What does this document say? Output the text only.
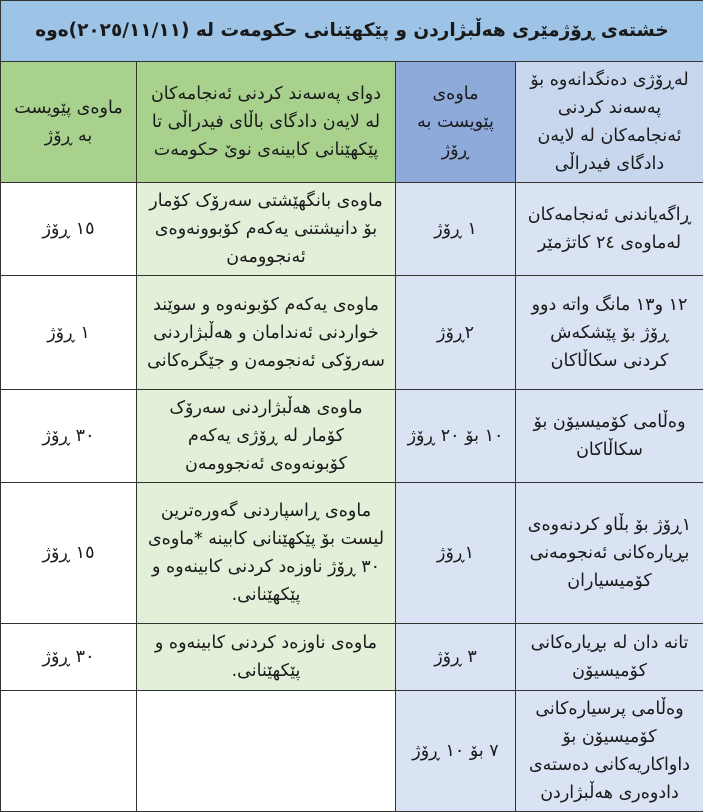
خشتەی ڕۆژمێری هەڵبژاردن و پێکهێنانی حکومەت لە (٢٠٢٥/١١/١١)ەوە			
لەڕۆژی دەنگدانەوە بۆ پەسەند کردنی ئەنجامەکان لە لایەن دادگای فیدراڵی	ماوەی پێویست بە ڕۆژ	دوای پەسەند کردنی ئەنجامەکان لە لایەن دادگای باڵای فیدراڵی تا پێکهێنانی کابینەی نوێ حکومەت	ماوەی پێویست بە ڕۆژ
ڕاگەیاندنی ئەنجامەکان لەماوەی ٢٤ کاتژمێر	١ ڕۆژ	ماوەی بانگهێشتی سەرۆک کۆمار بۆ دانیشتنی یەکەم کۆبوونەوەی ئەنجوومەن	١٥ ڕۆژ
١٢ و١٣ مانگ واتە دوو ڕۆژ بۆ پێشکەش کردنی سکاڵاکان	٢ڕۆژ	ماوەی یەکەم کۆبونەوە و سوێند خواردنی ئەندامان و هەڵبژاردنی سەرۆکی ئەنجومەن و جێگرەکانی	١ ڕۆژ
وەڵامی کۆمیسیۆن بۆ سکاڵاکان	١٠ بۆ ٢٠ ڕۆژ	ماوەی هەڵبژاردنی سەرۆک کۆمار لە ڕۆژی یەکەم کۆبونەوەی ئەنجوومەن	٣٠ ڕۆژ
١ڕۆژ بۆ بڵاو کردنەوەی بڕیارەکانی ئەنجومەنی کۆمیسیاران	١ڕۆژ	ماوەی ڕاسپاردنی گەورەترین لیست بۆ پێکهێنانی کابینە *ماوەی ٣٠ ڕۆژ ناوزەد کردنی کابینەوە و پێکهێنانی.	١٥ ڕۆژ
تانە دان لە بڕیارەکانی کۆمیسیۆن	٣ ڕۆژ	ماوەی ناوزەد کردنی کابینەوە و پێکهێنانی.	٣٠ ڕۆژ
وەڵامی پرسیارەکانی کۆمیسیۆن بۆ داواکاریەکانی دەستەی دادوەری هەڵبژاردن	٧ بۆ ١٠ ڕۆژ		
